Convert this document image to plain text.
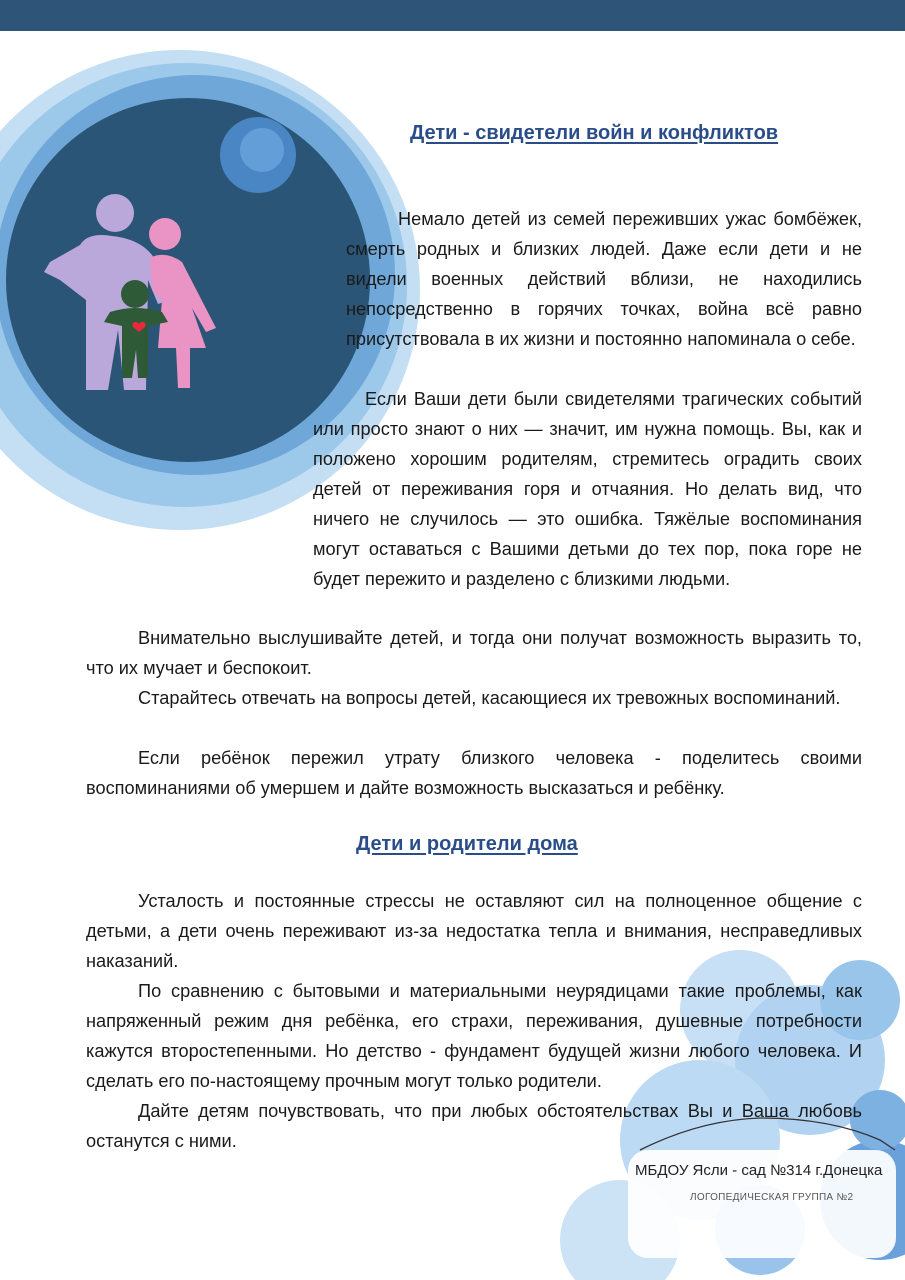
Дети - свидетели войн и конфликтов

Немало детей из семей переживших ужас бомбёжек, смерть родных и близких людей. Даже если дети и не видели военных действий вблизи, не находились непосредственно в горячих точках, война всё равно присутствовала в их жизни и постоянно напоминала о себе.

Если Ваши дети были свидетелями трагических событий или просто знают о них — значит, им нужна помощь. Вы, как и положено хорошим родителям, стремитесь оградить своих детей от переживания горя и отчаяния. Но делать вид, что ничего не случилось — это ошибка. Тяжёлые воспоминания могут оставаться с Вашими детьми до тех пор, пока горе не будет пережито и разделено с близкими людьми.

Внимательно выслушивайте детей, и тогда они получат возможность выразить то, что их мучает и беспокоит.

Старайтесь отвечать на вопросы детей, касающиеся их тревожных воспоминаний.

Если ребёнок пережил утрату близкого человека - поделитесь своими воспоминаниями об умершем и дайте возможность высказаться и ребёнку.

Дети и родители дома

Усталость и постоянные стрессы не оставляют сил на полноценное общение с детьми, а дети очень переживают из-за недостатка тепла и внимания, несправедливых наказаний.

По сравнению с бытовыми и материальными неурядицами такие проблемы, как напряженный режим дня ребёнка, его страхи, переживания, душевные потребности кажутся второстепенными. Но детство - фундамент будущей жизни любого человека. И сделать его по-настоящему прочным могут только родители.

Дайте детям почувствовать, что при любых обстоятельствах Вы и Ваша любовь останутся с ними.

МБДОУ Ясли - сад №314 г.Донецка
ЛОГОПЕДИЧЕСКАЯ ГРУППА №2
